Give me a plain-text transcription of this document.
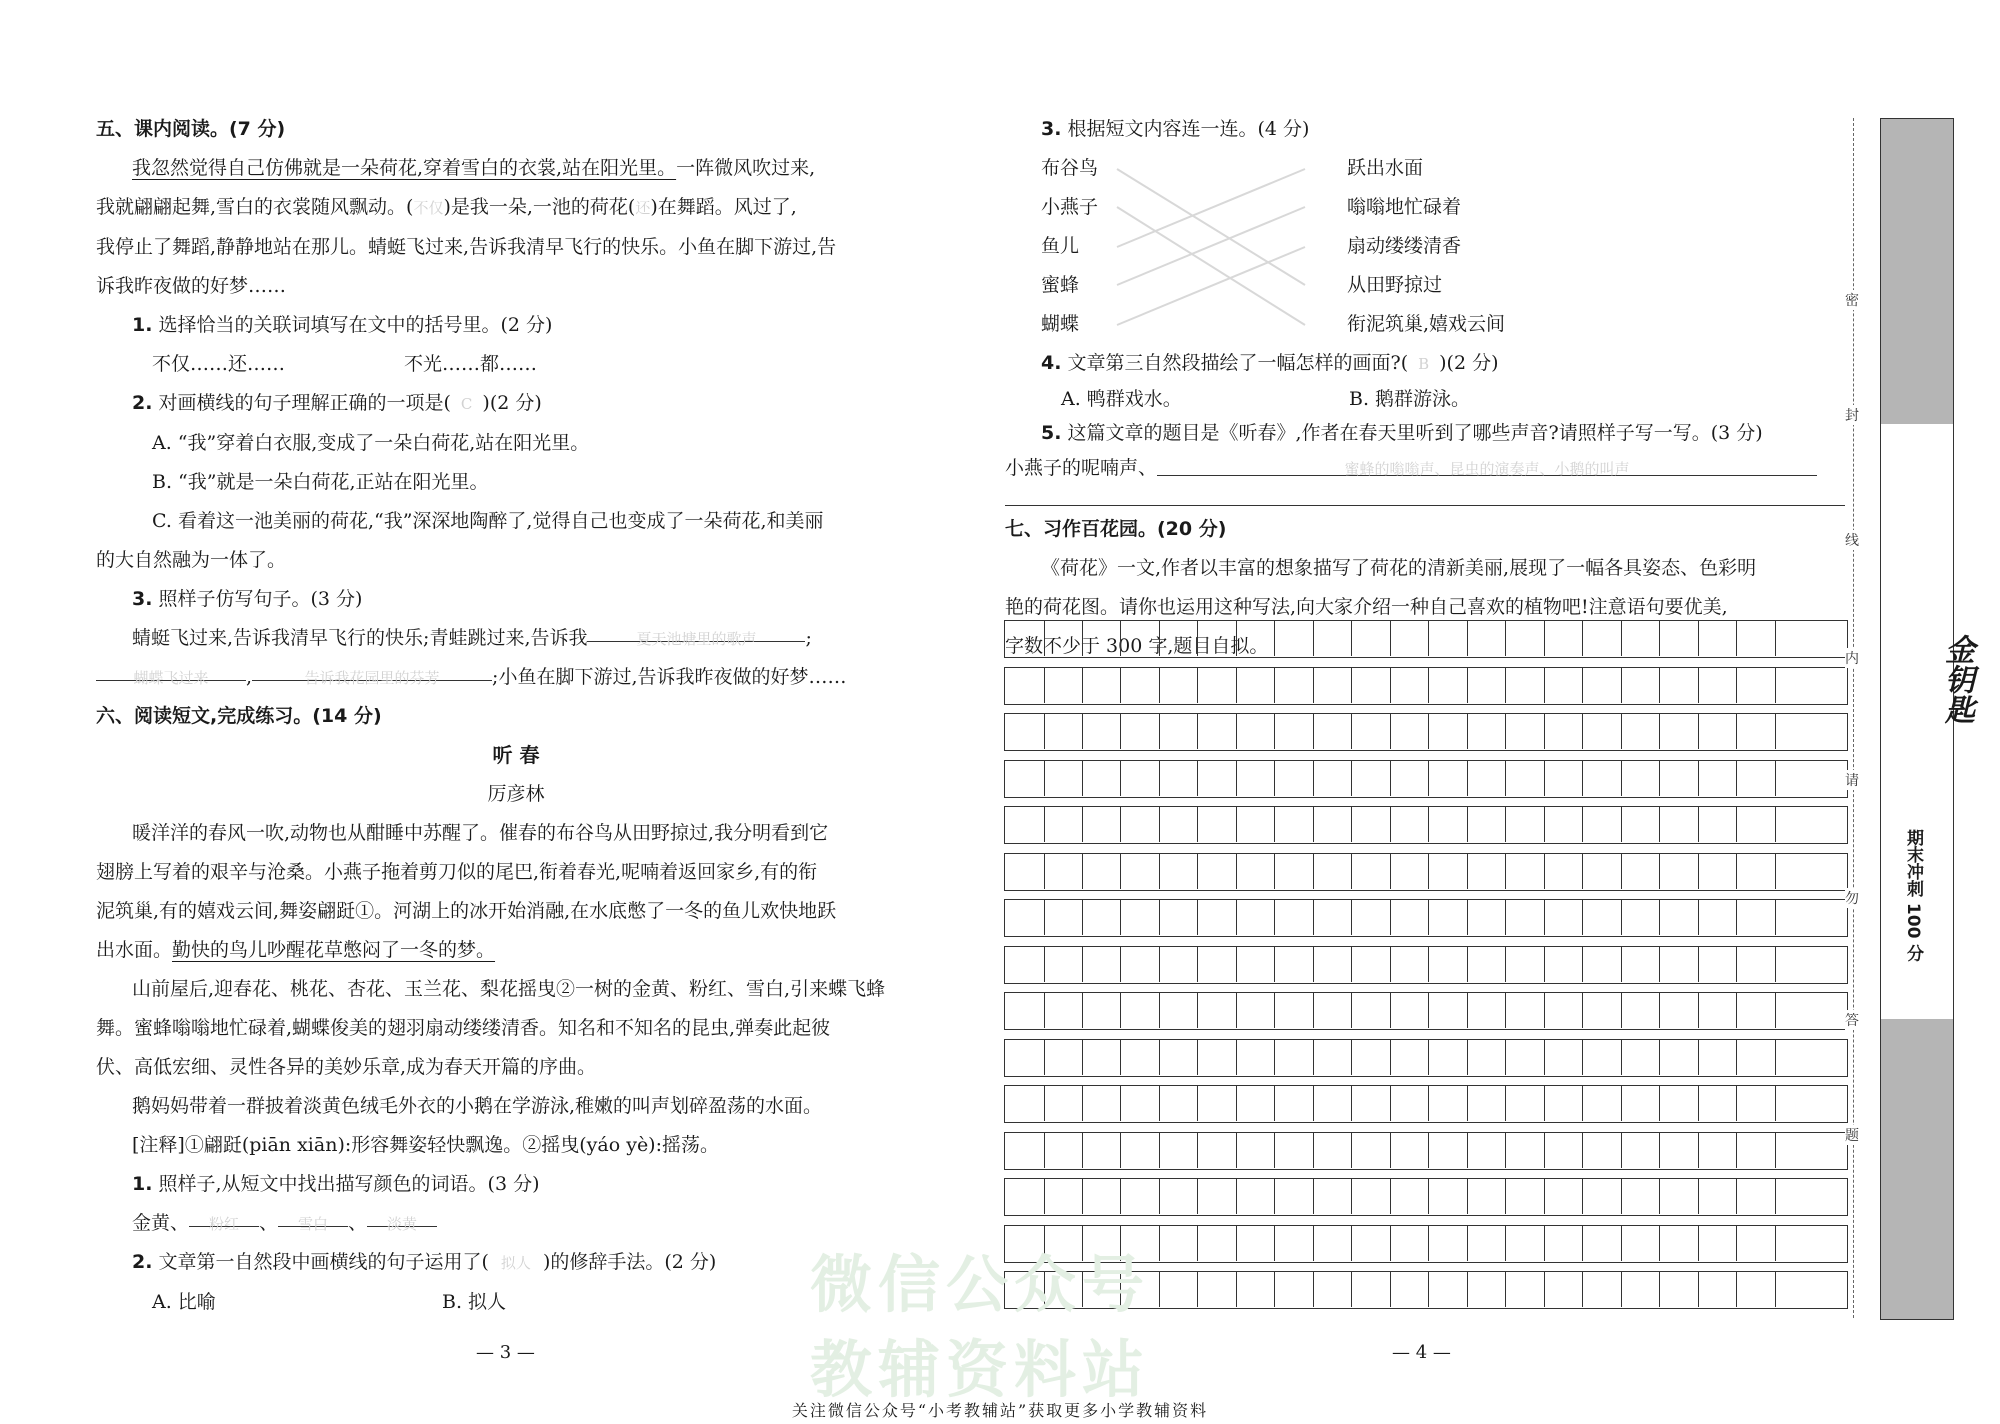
五、课内阅读。(7 分)

我忽然觉得自己仿佛就是一朵荷花,穿着雪白的衣裳,站在阳光里。一阵微风吹过来,

我就翩翩起舞,雪白的衣裳随风飘动。(不仅)是我一朵,一池的荷花(还)在舞蹈。风过了,

我停止了舞蹈,静静地站在那儿。蜻蜓飞过来,告诉我清早飞行的快乐。小鱼在脚下游过,告

诉我昨夜做的好梦……

1. 选择恰当的关联词填写在文中的括号里。(2 分)

不仅……还……	不光……都……

2. 对画横线的句子理解正确的一项是( C )(2 分)

A. “我”穿着白衣服,变成了一朵白荷花,站在阳光里。

B. “我”就是一朵白荷花,正站在阳光里。

C. 看着这一池美丽的荷花,“我”深深地陶醉了,觉得自己也变成了一朵荷花,和美丽

的大自然融为一体了。

3. 照样子仿写句子。(3 分)

蜻蜓飞过来,告诉我清早飞行的快乐;青蛙跳过来,告诉我	夏天池塘里的歌声	;

蝴蝶飞过来 ,	告诉我花园里的芬芳	;小鱼在脚下游过,告诉我昨夜做的好梦……

六、阅读短文,完成练习。(14 分)

听 春

厉彦林

暖洋洋的春风一吹,动物也从酣睡中苏醒了。催春的布谷鸟从田野掠过,我分明看到它

翅膀上写着的艰辛与沧桑。小燕子拖着剪刀似的尾巴,衔着春光,呢喃着返回家乡,有的衔

泥筑巢,有的嬉戏云间,舞姿翩跹①。河湖上的冰开始消融,在水底憋了一冬的鱼儿欢快地跃

出水面。勤快的鸟儿吵醒花草憋闷了一冬的梦。

山前屋后,迎春花、桃花、杏花、玉兰花、梨花摇曳②一树的金黄、粉红、雪白,引来蝶飞蜂

舞。蜜蜂嗡嗡地忙碌着,蝴蝶俊美的翅羽扇动缕缕清香。知名和不知名的昆虫,弹奏此起彼

伏、高低宏细、灵性各异的美妙乐章,成为春天开篇的序曲。

鹅妈妈带着一群披着淡黄色绒毛外衣的小鹅在学游泳,稚嫩的叫声划碎盈荡的水面。

[注释]①翩跹(piān xiān):形容舞姿轻快飘逸。②摇曳(yáo yè):摇荡。

1. 照样子,从短文中找出描写颜色的词语。(3 分)

金黄、 粉红 、 雪白 、 淡黄

2. 文章第一自然段中画横线的句子运用了( 拟人 )的修辞手法。(2 分)

A. 比喻	B. 拟人

— 3 —

3. 根据短文内容连一连。(4 分)

布谷鸟	跃出水面

小燕子	嗡嗡地忙碌着

鱼儿	扇动缕缕清香

蜜蜂	从田野掠过

蝴蝶	衔泥筑巢,嬉戏云间

4. 文章第三自然段描绘了一幅怎样的画面?( B )(2 分)

A. 鸭群戏水。	B. 鹅群游泳。

5. 这篇文章的题目是《听春》,作者在春天里听到了哪些声音?请照样子写一写。(3 分)

小燕子的呢喃声、	蜜蜂的嗡嗡声、昆虫的演奏声、小鹅的叫声

七、习作百花园。(20 分)

《荷花》一文,作者以丰富的想象描写了荷花的清新美丽,展现了一幅各具姿态、色彩明

艳的荷花图。请你也运用这种写法,向大家介绍一种自己喜欢的植物吧!注意语句要优美,

字数不少于 300 字,题目自拟。

— 4 —
密
封
线
内
请
勿
答
题
金钥匙
期末冲刺 100 分
微信公众号
教辅资料站
关注微信公众号“小考教辅站”获取更多小学教辅资料
